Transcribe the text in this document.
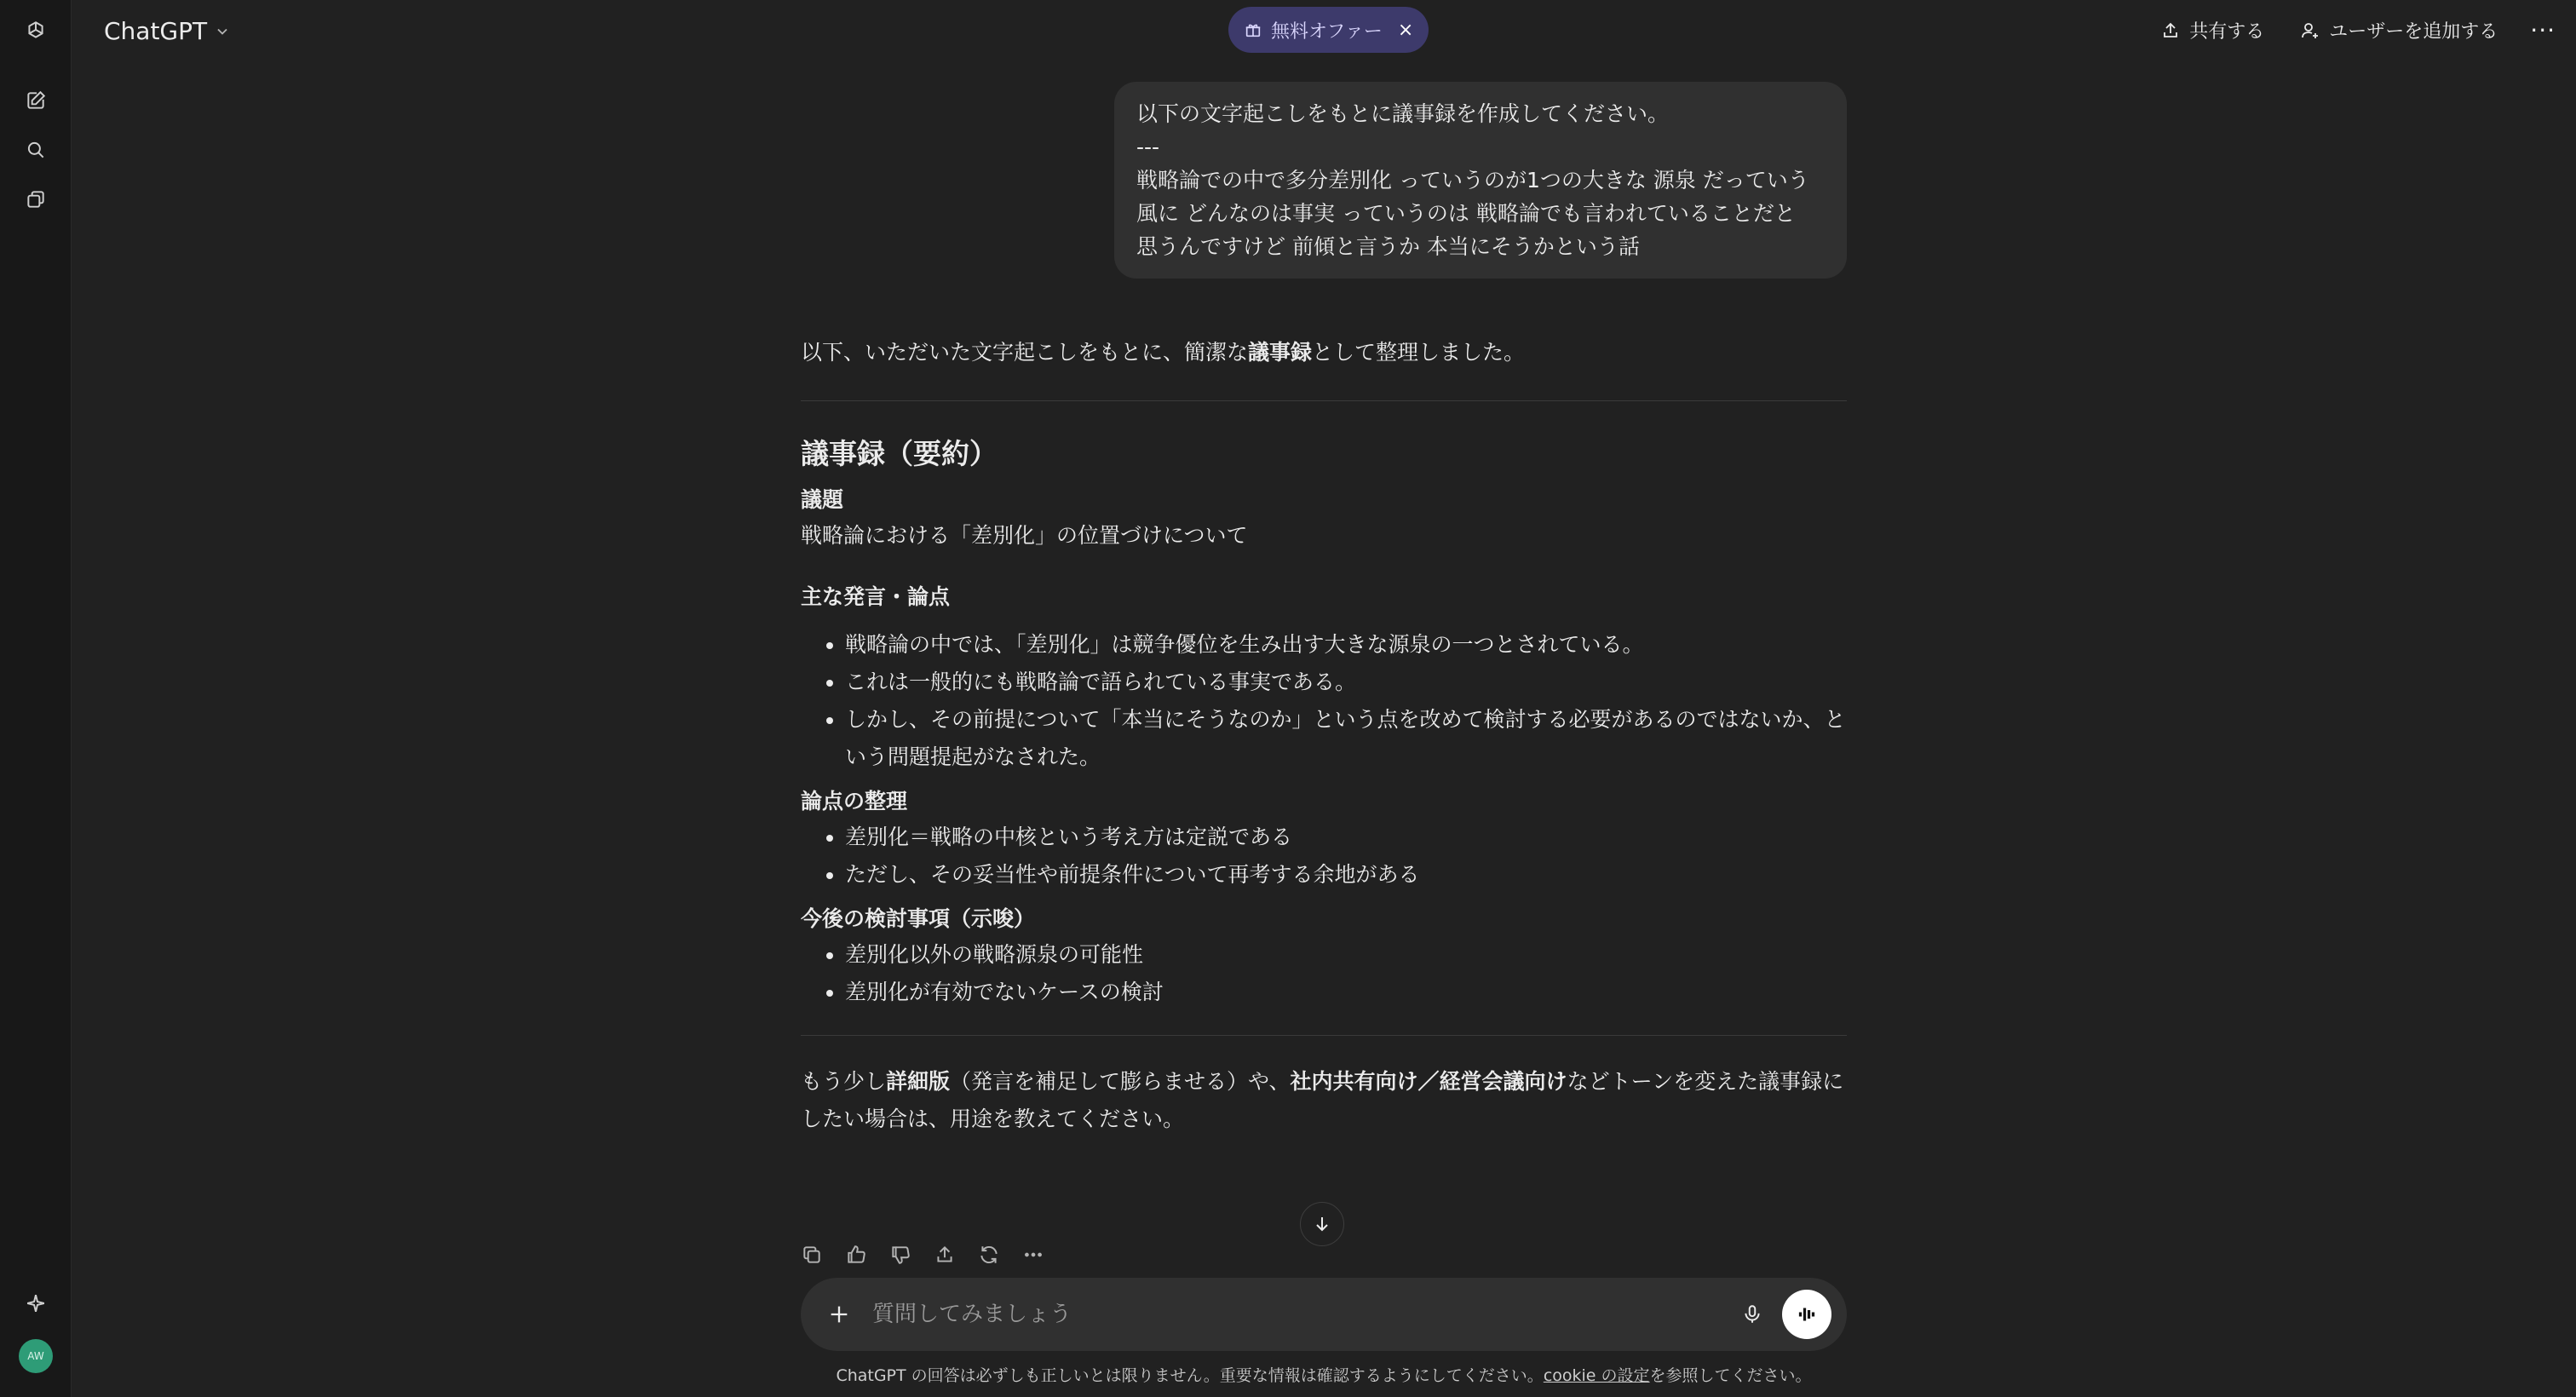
AW
ChatGPT	無料オファー ×	共有する	ユーザーを追加する ···
以下の文字起こしをもとに議事録を作成してください。
---
戦略論での中で多分差別化 っていうのが1つの大きな 源泉 だっていう
風に どんなのは事実 っていうのは 戦略論でも言われていることだと
思うんですけど 前傾と言うか 本当にそうかという話

以下、いただいた文字起こしをもとに、簡潔な議事録として整理しました。

議事録（要約）
議題

戦略論における「差別化」の位置づけについて

主な発言・論点
• 戦略論の中では、「差別化」は競争優位を生み出す大きな源泉の一つとされている。
• これは一般的にも戦略論で語られている事実である。
• しかし、その前提について「本当にそうなのか」という点を改めて検討する必要があるのではないか、という問題提起がなされた。
論点の整理
• 差別化＝戦略の中核という考え方は定説である
• ただし、その妥当性や前提条件について再考する余地がある
今後の検討事項（示唆）
• 差別化以外の戦略源泉の可能性
• 差別化が有効でないケースの検討

もう少し詳細版（発言を補足して膨らませる）や、社内共有向け／経営会議向けなどトーンを変えた議事録にしたい場合は、用途を教えてください。

質問してみましょう
ChatGPT の回答は必ずしも正しいとは限りません。重要な情報は確認するようにしてください。cookie の設定を参照してください。
